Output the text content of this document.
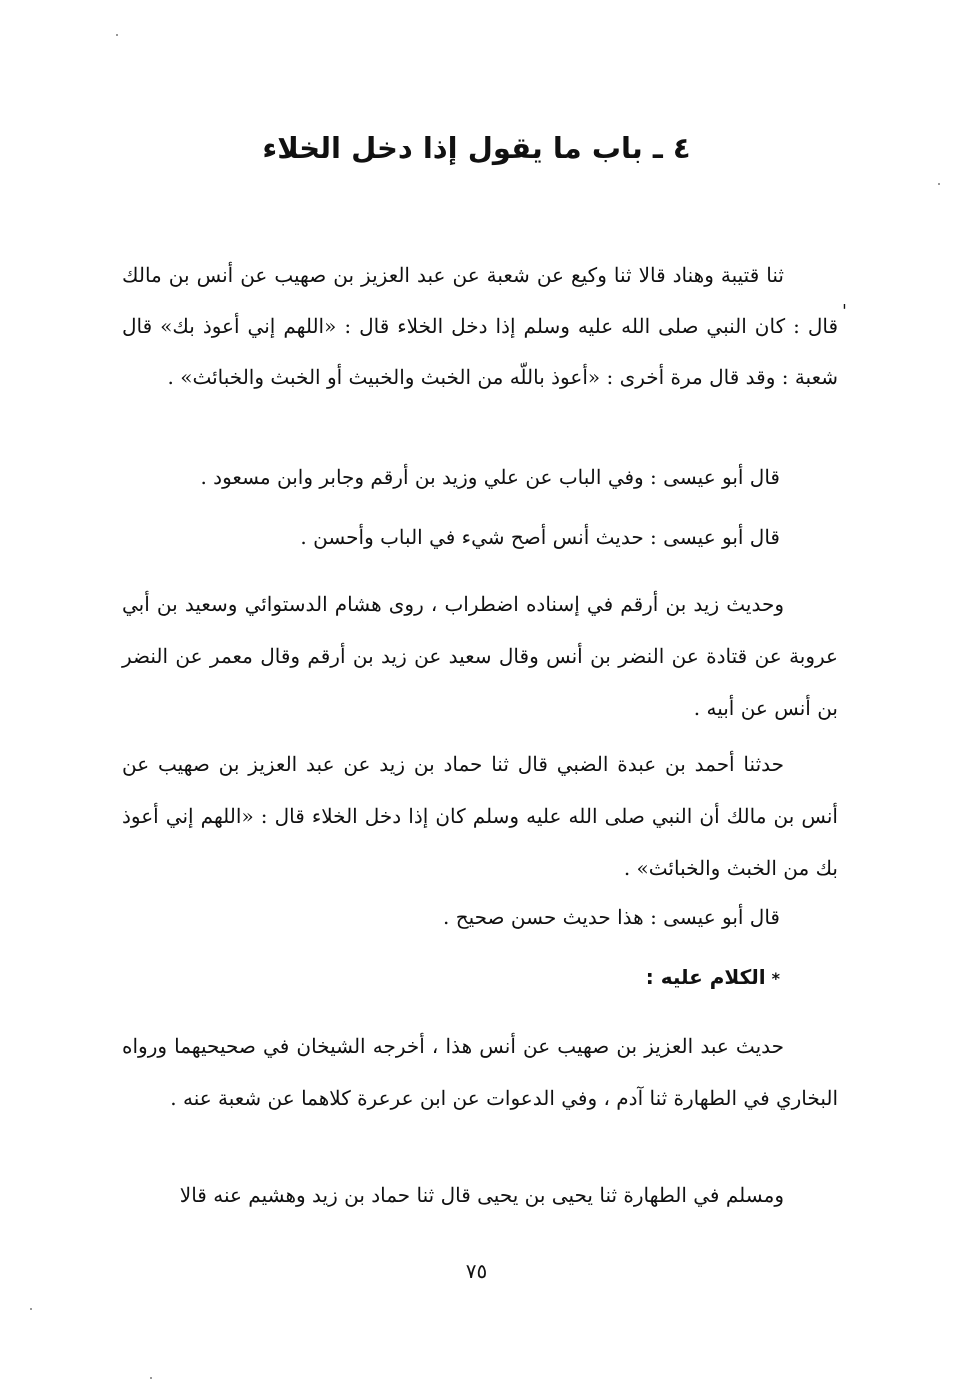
٤ ـ باب ما يقول إذا دخل الخلاء

ثنا قتيبة وهناد قالا ثنا وكيع عن شعبة عن عبد العزيز بن صهيب عن أنس بن مالك قال : كان النبي صلى الله عليه وسلم إذا دخل الخلاء قال : «اللهم إني أعوذ بك» قال شعبة : وقد قال مرة أخرى : «أعوذ باللّه من الخبث والخبيث أو الخبث والخبائث» .

قال أبو عيسى : وفي الباب عن علي وزيد بن أرقم وجابر وابن مسعود .
قال أبو عيسى : حديث أنس أصح شيء في الباب وأحسن .

وحديث زيد بن أرقم في إسناده اضطراب ، روى هشام الدستوائي وسعيد بن أبي عروبة عن قتادة عن النضر بن أنس وقال سعيد عن زيد بن أرقم وقال معمر عن النضر بن أنس عن أبيه .

حدثنا أحمد بن عبدة الضبي قال ثنا حماد بن زيد عن عبد العزيز بن صهيب عن أنس بن مالك أن النبي صلى الله عليه وسلم كان إذا دخل الخلاء قال : «اللهم إني أعوذ بك من الخبث والخبائث» .

قال أبو عيسى : هذا حديث حسن صحيح .
*الكلام عليه :

حديث عبد العزيز بن صهيب عن أنس هذا ، أخرجه الشيخان في صحيحيهما ورواه البخاري في الطهارة ثنا آدم ، وفي الدعوات عن ابن عرعرة كلاهما عن شعبة عنه .

ومسلم في الطهارة ثنا يحيى بن يحيى قال ثنا حماد بن زيد وهشيم عنه قالا

'
٧٥
